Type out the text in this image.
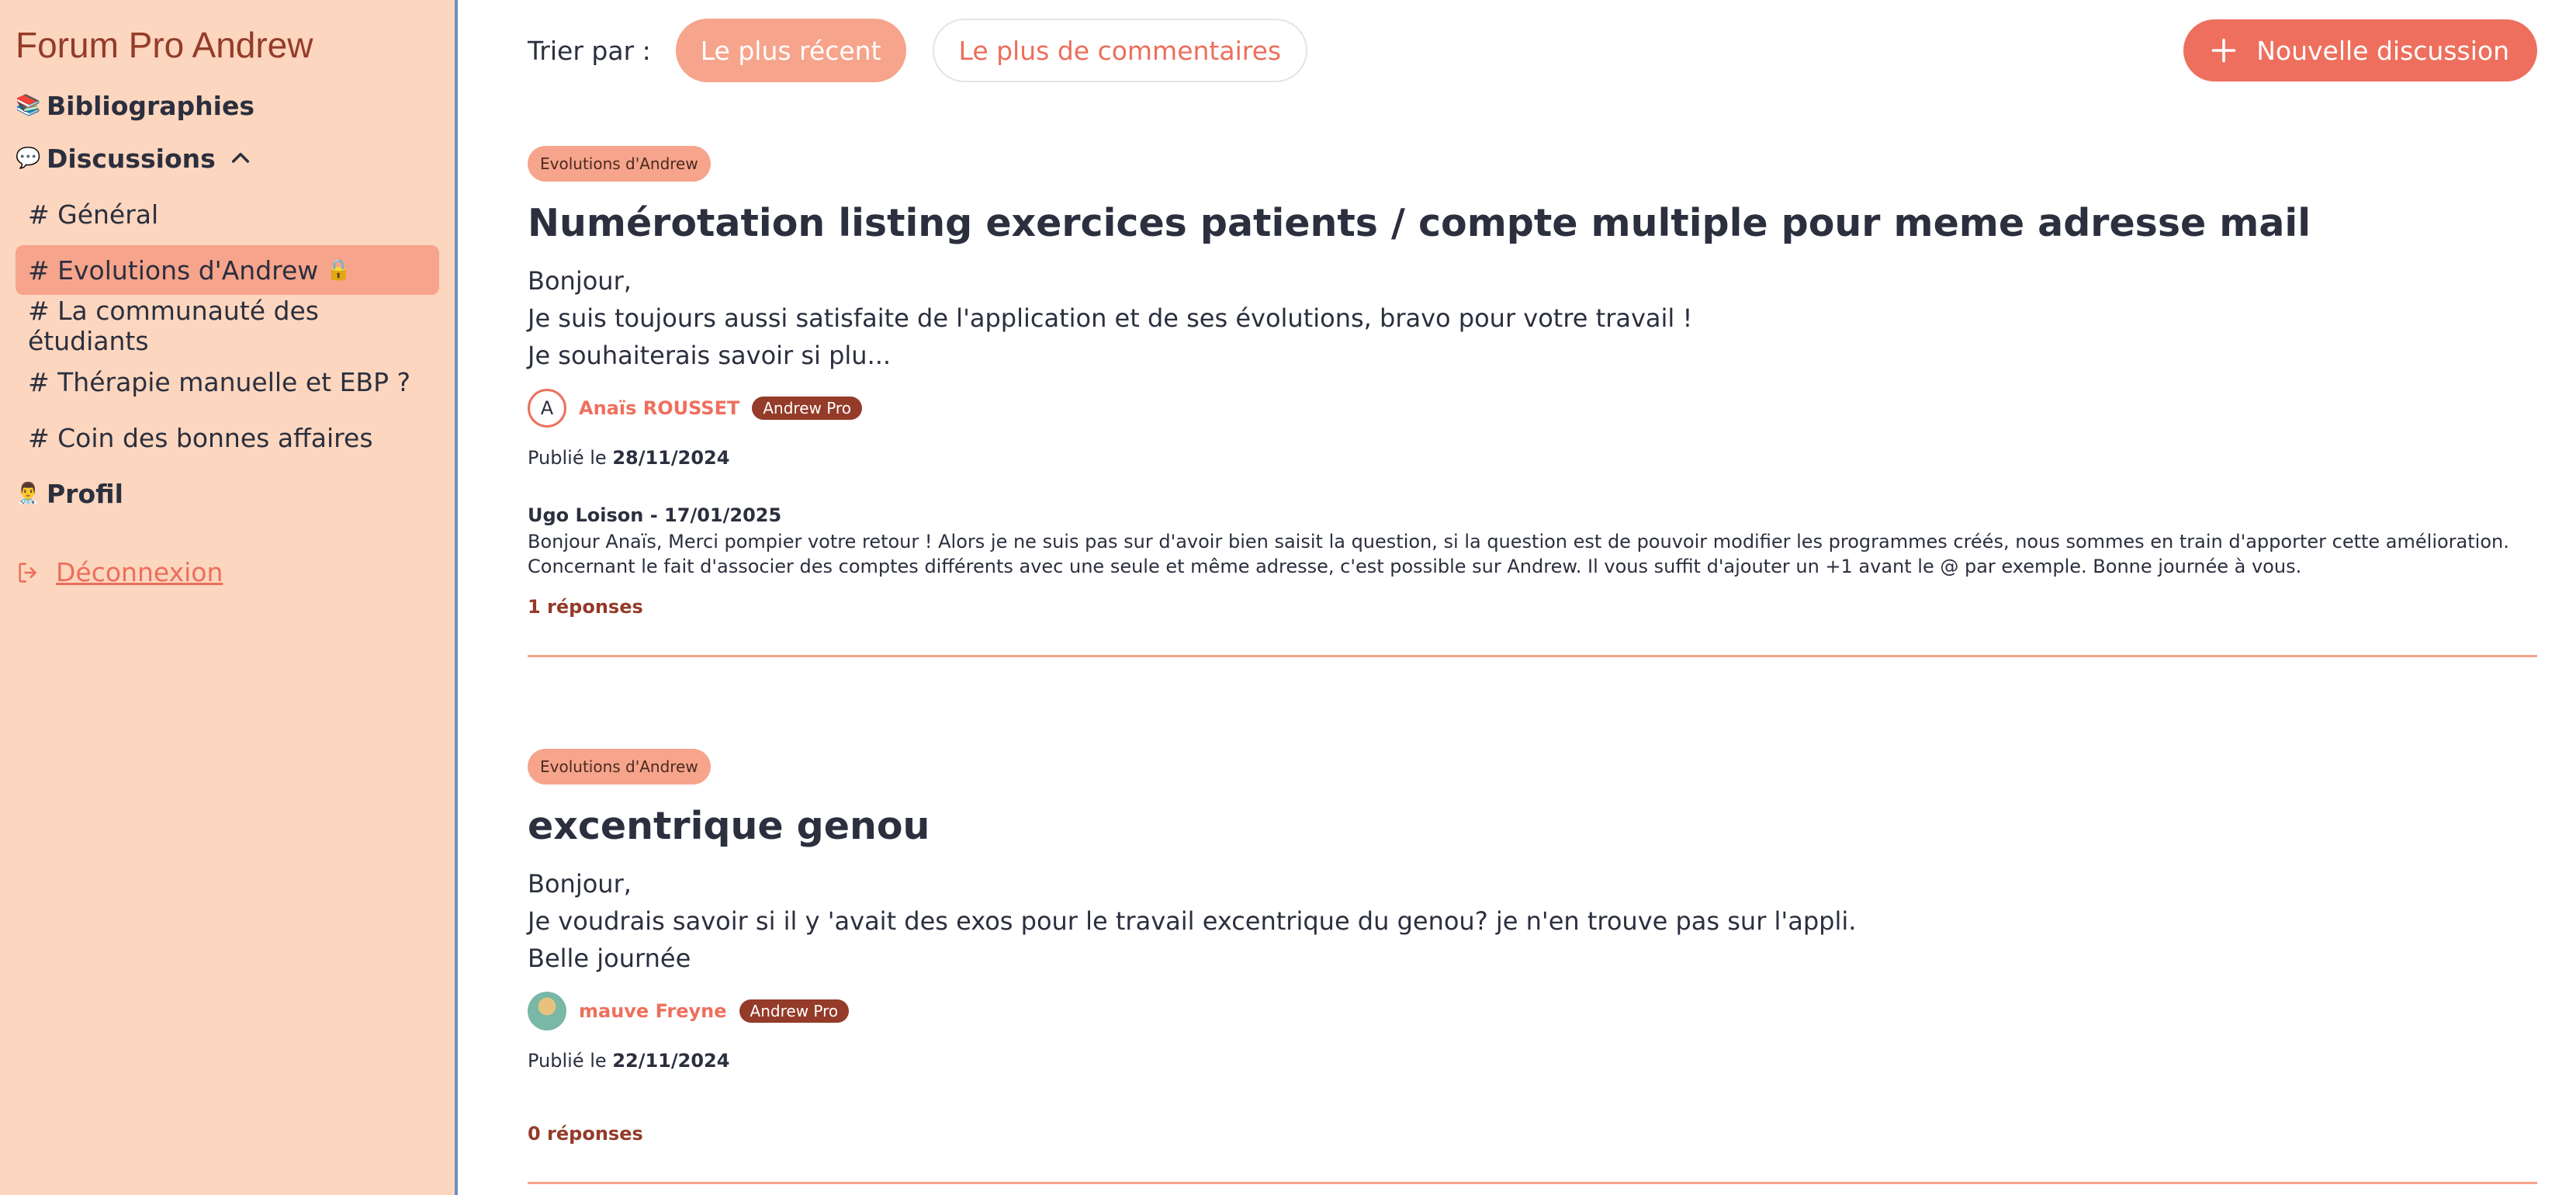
Forum Pro Andrew
📚 Bibliographies
💬 Discussions
# Général
# Evolutions d'Andrew 🔒
# La communauté des étudiants
# Thérapie manuelle et EBP ?
# Coin des bonnes affaires
👨‍⚕️ Profil
Déconnexion
Trier par :	Le plus récent	Le plus de commentaires	Nouvelle discussion
Evolutions d'Andrew
Numérotation listing exercices patients / compte multiple pour meme adresse mail
Bonjour,
Je suis toujours aussi satisfaite de l'application et de ses évolutions, bravo pour votre travail !
Je souhaiterais savoir si plu...
A	Anaïs ROUSSET	Andrew Pro
Publié le 28/11/2024
Ugo Loison - 17/01/2025
Bonjour Anaïs, Merci pompier votre retour ! Alors je ne suis pas sur d'avoir bien saisit la question, si la question est de pouvoir modifier les programmes créés, nous sommes en train d'apporter cette amélioration. Concernant le fait d'associer des comptes différents avec une seule et même adresse, c'est possible sur Andrew. Il vous suffit d'ajouter un +1 avant le @ par exemple. Bonne journée à vous.
1 réponses
Evolutions d'Andrew
excentrique genou
Bonjour,
Je voudrais savoir si il y 'avait des exos pour le travail excentrique du genou? je n'en trouve pas sur l'appli.
Belle journée
mauve Freyne	Andrew Pro
Publié le 22/11/2024
0 réponses
